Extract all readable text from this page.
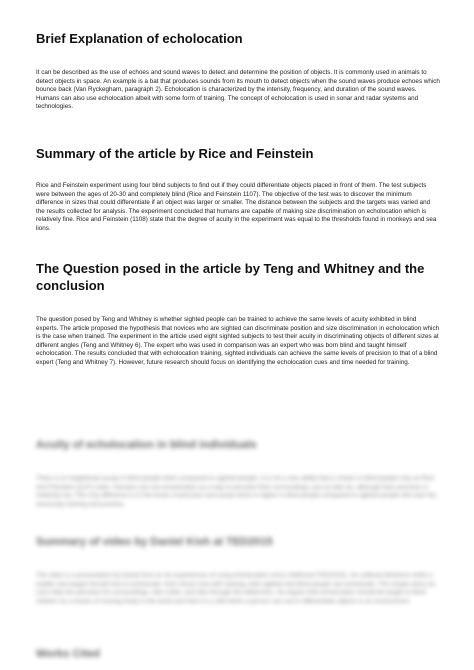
Brief Explanation of echolocation

It can be described as the use of echoes and sound waves to detect and determine the position of objects. It is commonly used in animals to detect objects in space. An example is a bat that produces sounds from its mouth to detect objects when the sound waves produce echoes which bounce back (Van Ryckegham, paragraph 2). Echolocation is characterized by the intensity, frequency, and duration of the sound waves. Humans can also use echolocation albeit with some form of training. The concept of echolocation is used in sonar and radar systems and technologies.

Summary of the article by Rice and Feinstein

Rice and Feinstein experiment using four blind subjects to find out if they could differentiate objects placed in front of them. The test subjects were between the ages of 20-30 and completely blind (Rice and Feinstein 1107). The objective of the test was to discover the minimum difference in sizes that could differentiate if an object was larger or smaller. The distance between the subjects and the targets was varied and the results collected for analysis. The experiment concluded that humans are capable of making size discrimination on echolocation which is relatively fine. Rice and Feinstein (1108) state that the degree of acuity in the experiment was equal to the thresholds found in monkeys and sea lions.

The Question posed in the article by Teng and Whitney and the conclusion

The question posed by Teng and Whitney is whether sighted people can be trained to achieve the same levels of acuity exhibited in blind experts. The article proposed the hypothesis that novices who are sighted can discriminate position and size discrimination in echolocation which is the case when trained. The experiment in the article used eight sighted subjects to test their acuity in discriminating objects of different sizes at different angles (Teng and Whitney 6). The expert who was used in comparison was an expert who was born blind and taught himself echolocation. The results concluded that with echolocation training, sighted individuals can achieve the same levels of precision to that of a blind expert (Teng and Whitney 7). However, future research should focus on identifying the echolocation cues and time needed for training.

Acuity of echolocation in blind individuals

There is no heightened acuity in blind people when compared to sighted people. It is not a rare ability that is shown in blind people only as Rice and Feinstein (1107) claim. Humans can use echolocation as a way to perceive their surroundings, just as bats do, although their precision is relatively low. The only difference is in the levels of precision and acuity which is higher in blind people compared to sighted people who lack the necessary training and practice.

Summary of video by Daniel Kish at TED2015

The video is a presentation by Daniel Kish on his experiences of using echolocation since childhood (TED2015). He suffered blindness while a toddler and taught himself how to echolocate. Kish shows how with training, both sighted and blind people can echolocate. The simple clicks he uses help him perceive his surroundings, ride a bike, and hike through the wilderness. He argues that echolocation should be taught to blind children as a means of moving freely in the world and that it is a skill which a person can use to differentiate objects in an environment.

Works Cited
